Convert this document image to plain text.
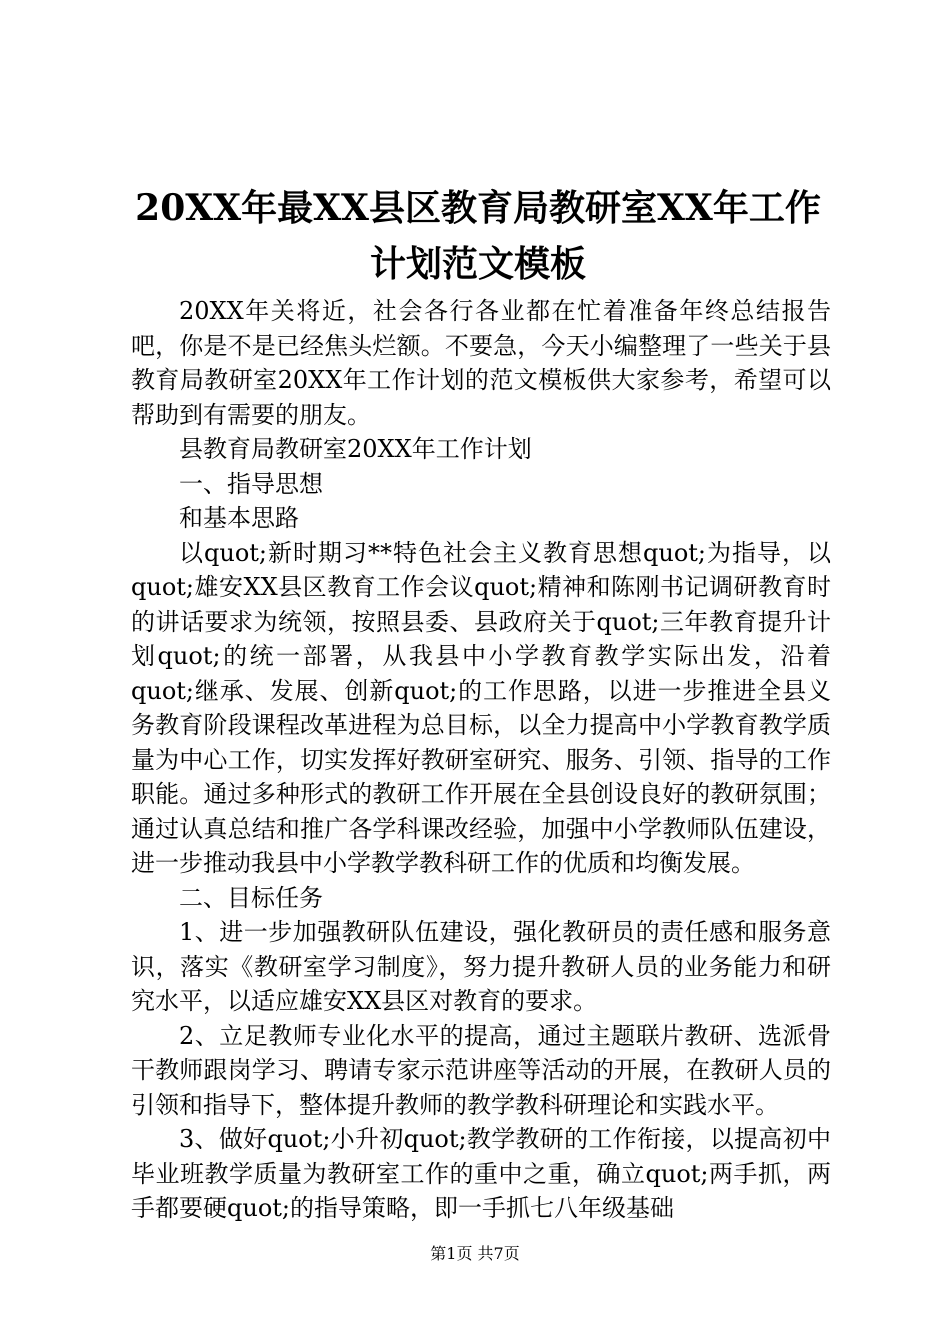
20XX年最XX县区教育局教研室XX年工作计划范文模板

20XX年关将近，社会各行各业都在忙着准备年终总结报告吧，你是不是已经焦头烂额。不要急，今天小编整理了一些关于县教育局教研室20XX年工作计划的范文模板供大家参考，希望可以帮助到有需要的朋友。

县教育局教研室20XX年工作计划

一、指导思想

和基本思路

以quot;新时期习**特色社会主义教育思想quot;为指导，以quot;雄安XX县区教育工作会议quot;精神和陈刚书记调研教育时的讲话要求为统领，按照县委、县政府关于quot;三年教育提升计划quot;的统一部署，从我县中小学教育教学实际出发，沿着quot;继承、发展、创新quot;的工作思路，以进一步推进全县义务教育阶段课程改革进程为总目标，以全力提高中小学教育教学质量为中心工作，切实发挥好教研室研究、服务、引领、指导的工作职能。通过多种形式的教研工作开展在全县创设良好的教研氛围；通过认真总结和推广各学科课改经验，加强中小学教师队伍建设，进一步推动我县中小学教学教科研工作的优质和均衡发展。

二、目标任务

1、进一步加强教研队伍建设，强化教研员的责任感和服务意识，落实《教研室学习制度》，努力提升教研人员的业务能力和研究水平，以适应雄安XX县区对教育的要求。

2、立足教师专业化水平的提高，通过主题联片教研、选派骨干教师跟岗学习、聘请专家示范讲座等活动的开展，在教研人员的引领和指导下，整体提升教师的教学教科研理论和实践水平。

3、做好quot;小升初quot;教学教研的工作衔接，以提高初中毕业班教学质量为教研室工作的重中之重，确立quot;两手抓，两手都要硬quot;的指导策略，即一手抓七八年级基础

第1页 共7页
